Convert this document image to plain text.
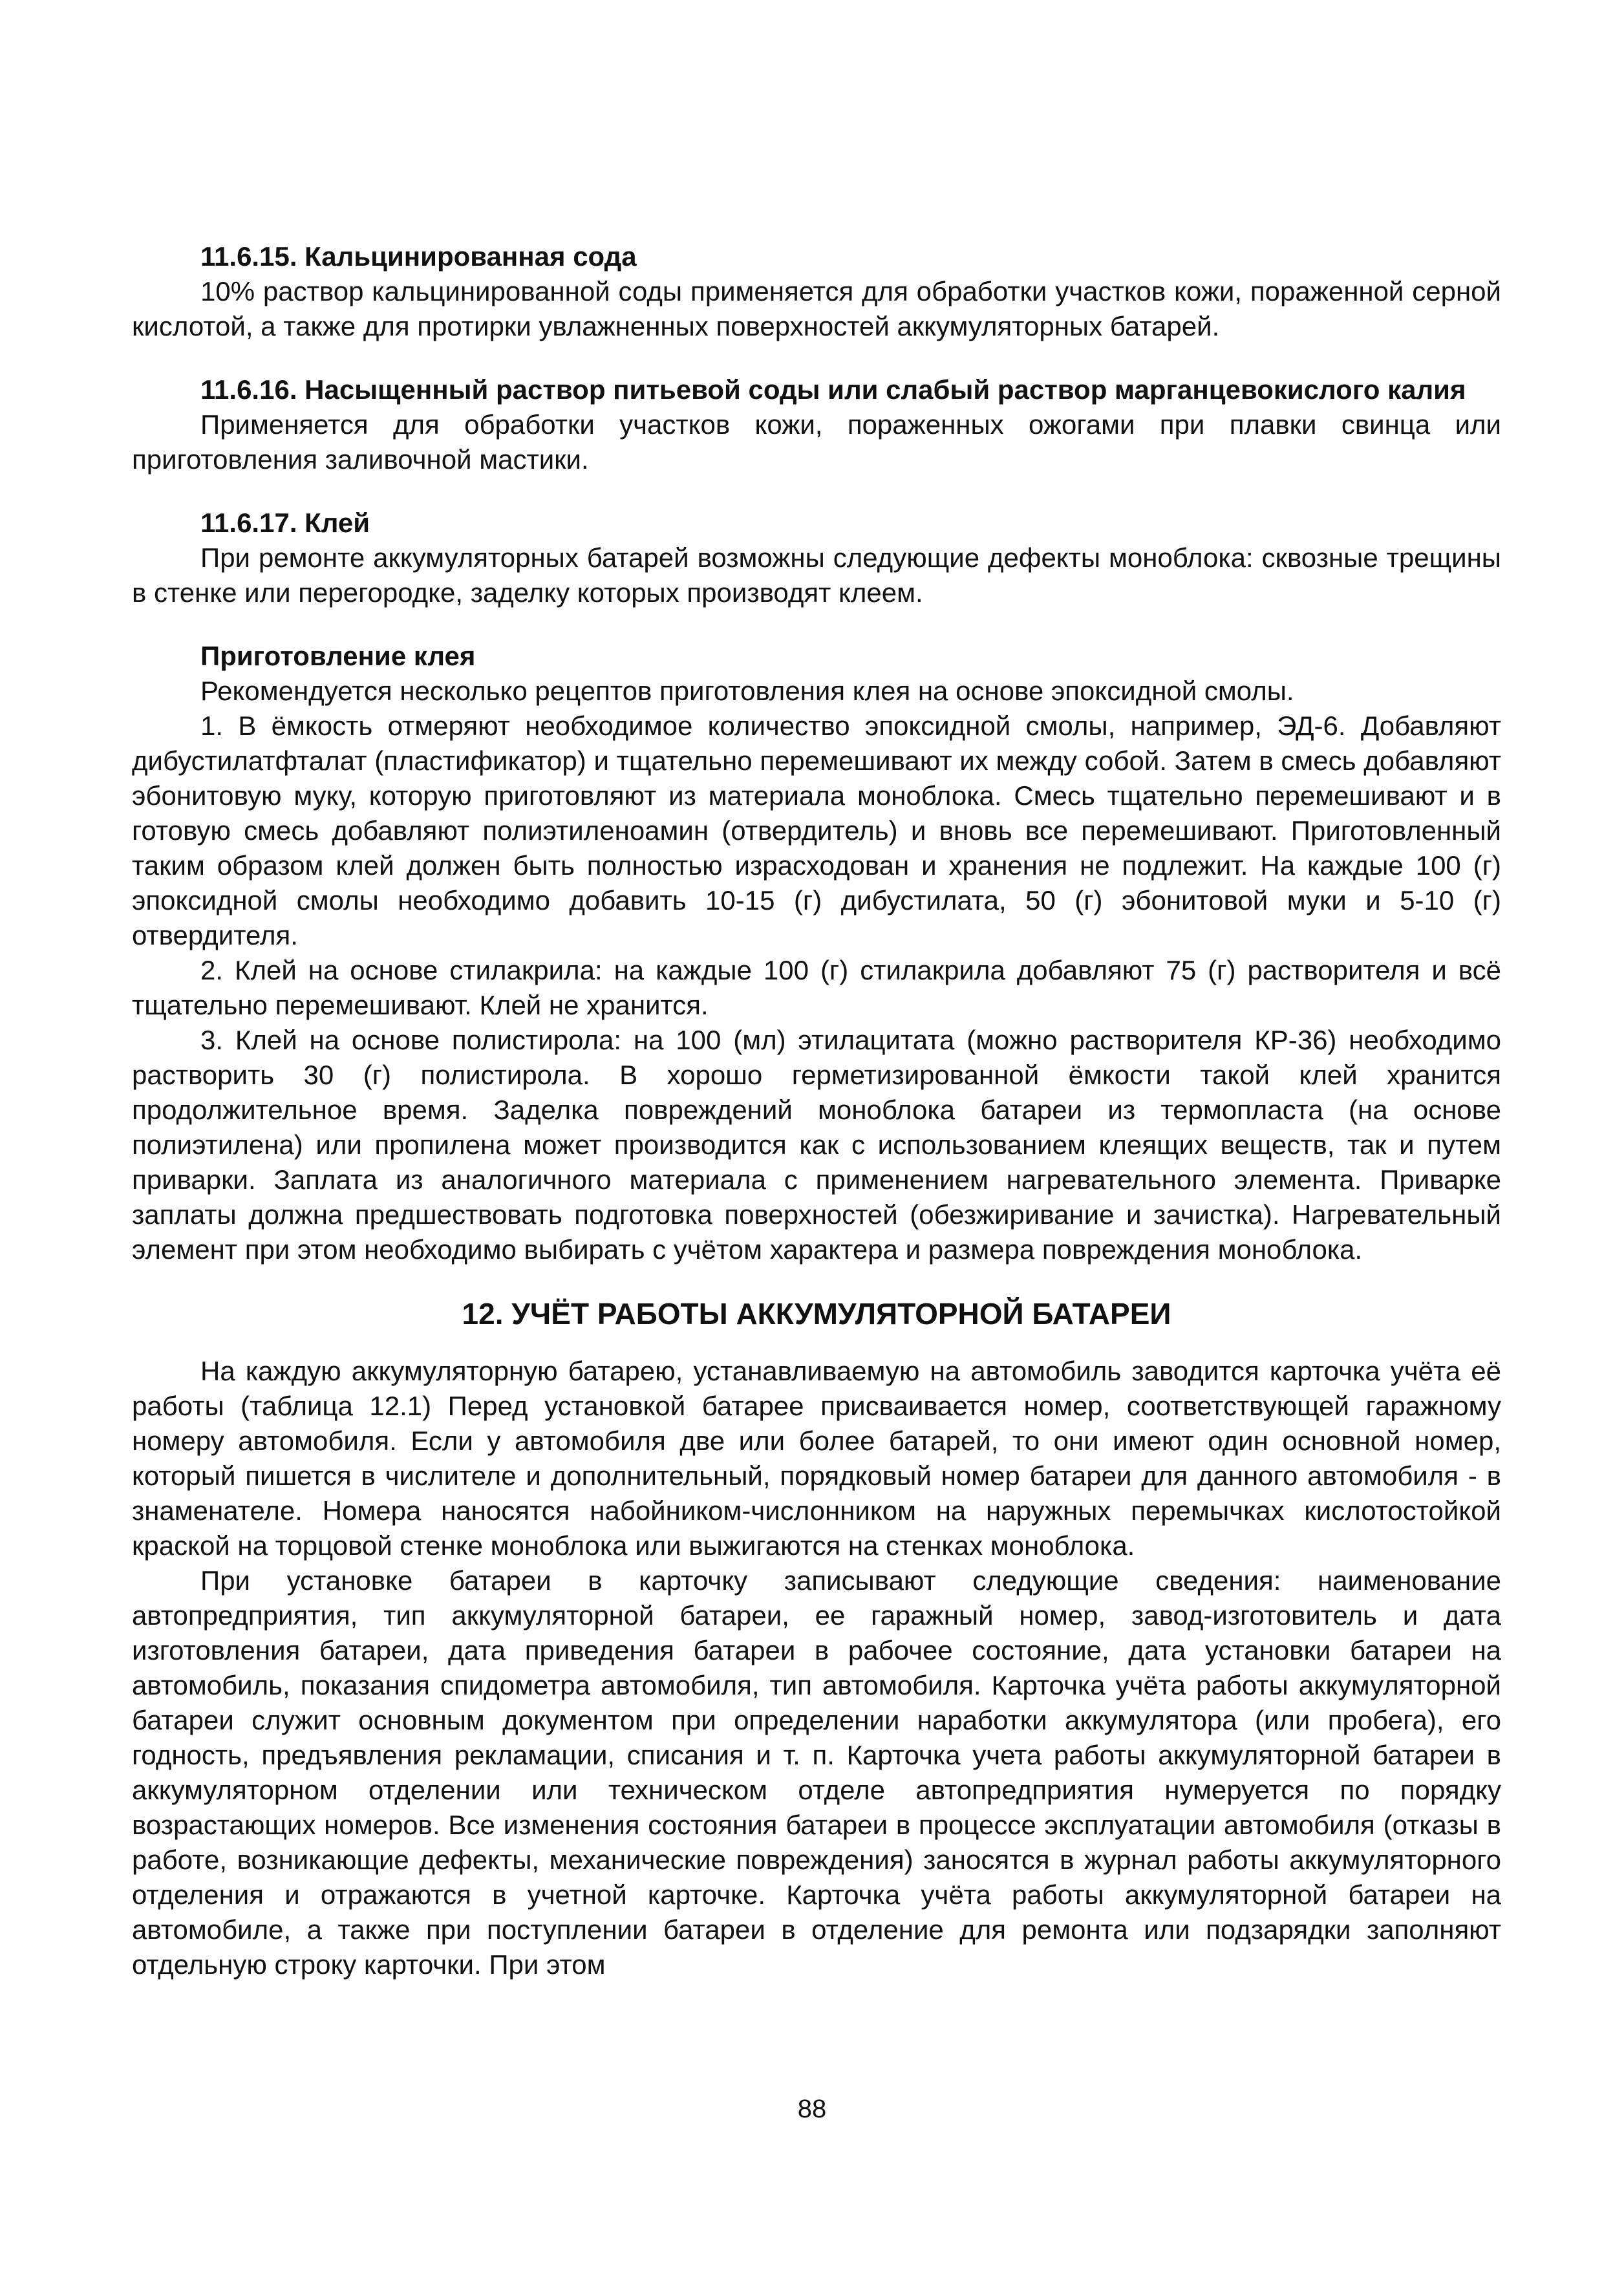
11.6.15. Кальцинированная сода

10% раствор кальцинированной соды применяется для обработки участков кожи, пораженной серной кислотой, а также для протирки увлажненных поверхностей аккумуляторных батарей.

11.6.16. Насыщенный раствор питьевой соды или слабый раствор марганцевокислого калия

Применяется для обработки участков кожи, пораженных ожогами при плавки свинца или приготовления заливочной мастики.

11.6.17. Клей

При ремонте аккумуляторных батарей возможны следующие дефекты моноблока: сквозные трещины в стенке или перегородке, заделку которых производят клеем.

Приготовление клея

Рекомендуется несколько рецептов приготовления клея на основе эпоксидной смолы.

1. В ёмкость отмеряют необходимое количество эпоксидной смолы, например, ЭД-6. Добавляют дибустилатфталат (пластификатор) и тщательно перемешивают их между собой. Затем в смесь добавляют эбонитовую муку, которую приготовляют из материала моноблока. Смесь тщательно перемешивают и в готовую смесь добавляют полиэтиленоамин (отвердитель) и вновь все перемешивают. Приготовленный таким образом клей должен быть полностью израсходован и хранения не подлежит. На каждые 100 (г) эпоксидной смолы необходимо добавить 10-15 (г) дибустилата, 50 (г) эбонитовой муки и 5-10 (г) отвердителя.

2. Клей на основе стилакрила: на каждые 100 (г) стилакрила добавляют 75 (г) растворителя и всё тщательно перемешивают. Клей не хранится.

3. Клей на основе полистирола: на 100 (мл) этилацитата (можно растворителя КР-36) необходимо растворить 30 (г) полистирола. В хорошо герметизированной ёмкости такой клей хранится продолжительное время. Заделка повреждений моноблока батареи из термопласта (на основе полиэтилена) или пропилена может производится как с использованием клеящих веществ, так и путем приварки. Заплата из аналогичного материала с применением нагревательного элемента. Приварке заплаты должна предшествовать подготовка поверхностей (обезжиривание и зачистка). Нагревательный элемент при этом необходимо выбирать с учётом характера и размера повреждения моноблока.

12. УЧЁТ РАБОТЫ АККУМУЛЯТОРНОЙ БАТАРЕИ

На каждую аккумуляторную батарею, устанавливаемую на автомобиль заводится карточка учёта её работы (таблица 12.1) Перед установкой батарее присваивается номер, соответствующей гаражному номеру автомобиля. Если у автомобиля две или более батарей, то они имеют один основной номер, который пишется в числителе и дополнительный, порядковый номер батареи для данного автомобиля - в знаменателе. Номера наносятся набойником-числонником на наружных перемычках кислотостойкой краской на торцовой стенке моноблока или выжигаются на стенках моноблока.

При установке батареи в карточку записывают следующие сведения: наименование автопредприятия, тип аккумуляторной батареи, ее гаражный номер, завод-изготовитель и дата изготовления батареи, дата приведения батареи в рабочее состояние, дата установки батареи на автомобиль, показания спидометра автомобиля, тип автомобиля. Карточка учёта работы аккумуляторной батареи служит основным документом при определении наработки аккумулятора (или пробега), его годность, предъявления рекламации, списания и т. п. Карточка учета работы аккумуляторной батареи в аккумуляторном отделении или техническом отделе автопредприятия нумеруется по порядку возрастающих номеров. Все изменения состояния батареи в процессе эксплуатации автомобиля (отказы в работе, возникающие дефекты, механические повреждения) заносятся в журнал работы аккумуляторного отделения и отражаются в учетной карточке. Карточка учёта работы аккумуляторной батареи на автомобиле, а также при поступлении батареи в отделение для ремонта или подзарядки заполняют отдельную строку карточки. При этом

88
